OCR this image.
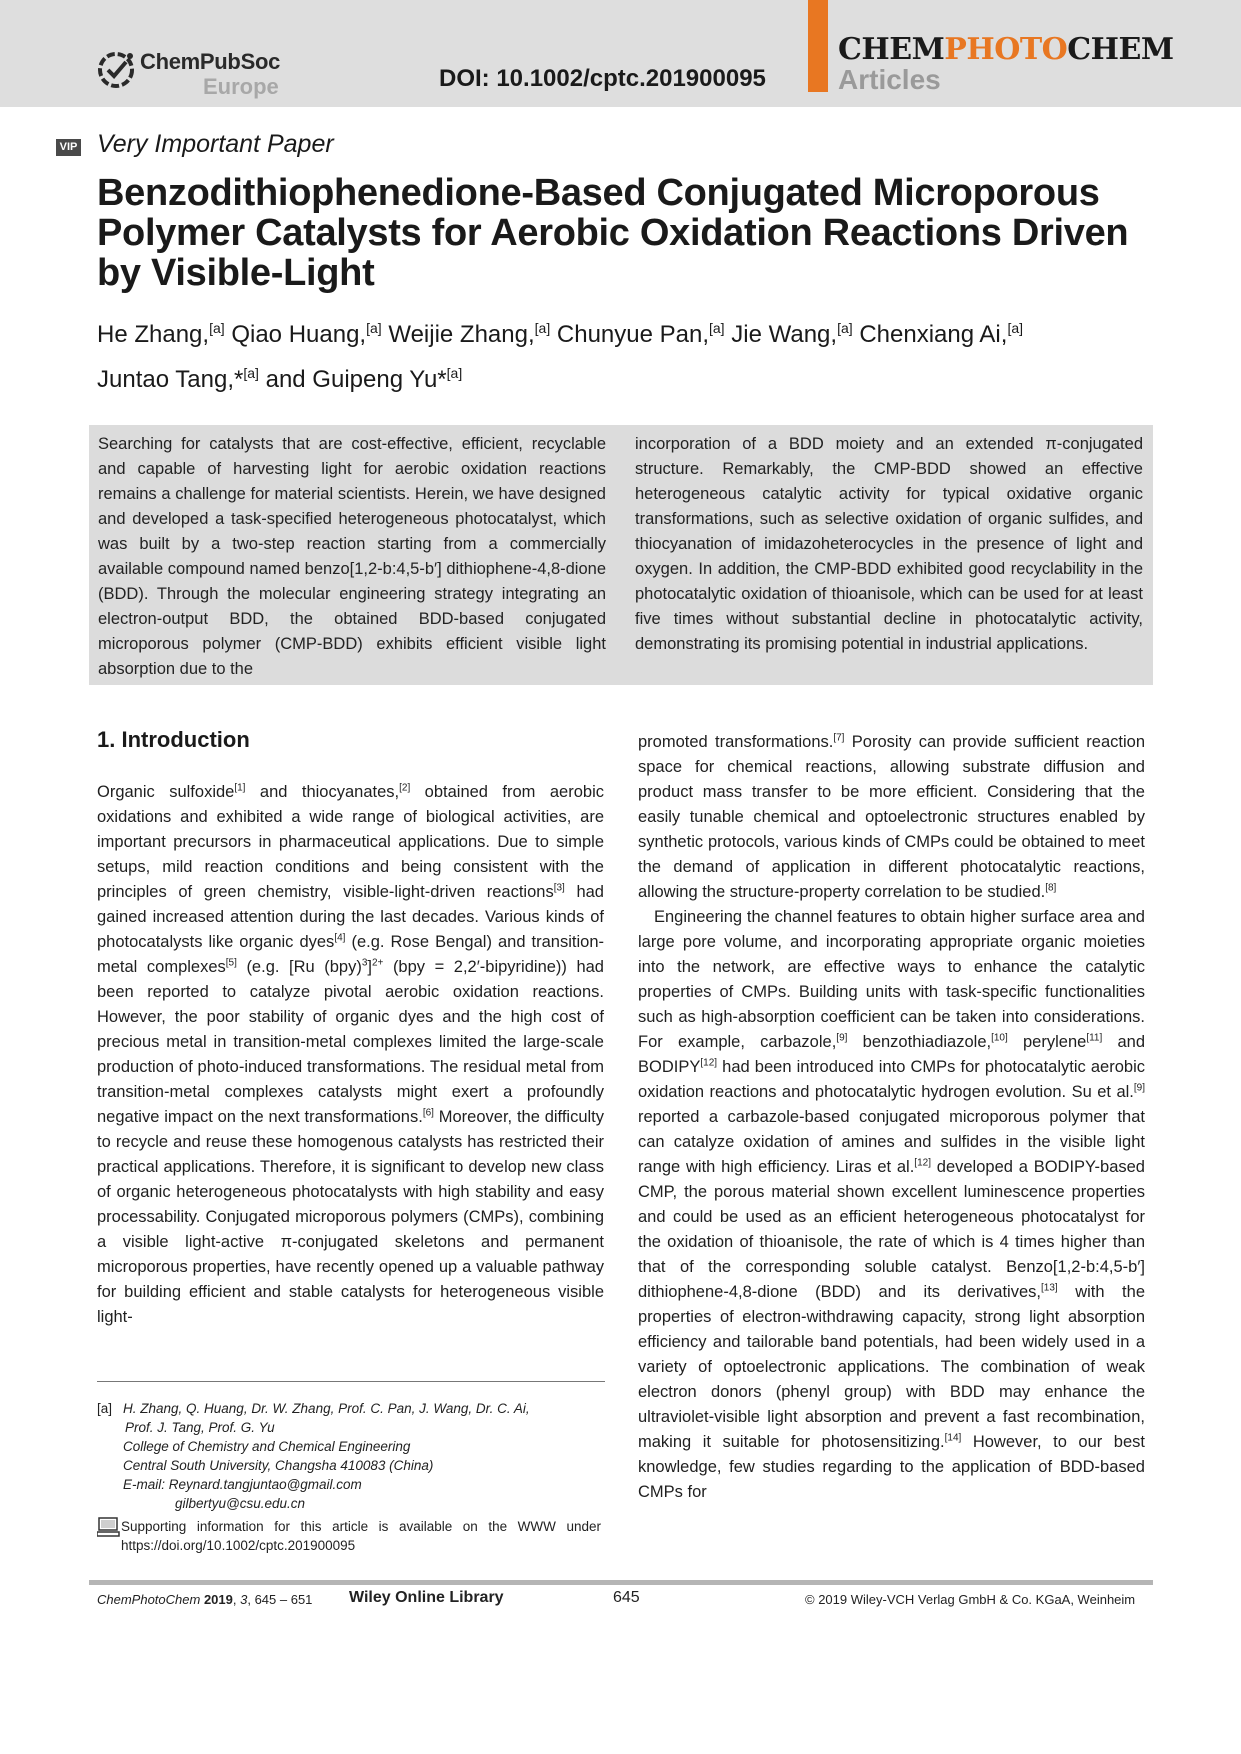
ChemPubSoc
Europe	DOI: 10.1002/cptc.201900095
CHEMPHOTOCHEM
Articles
VIP Very Important Paper
Benzodithiophenedione-Based Conjugated Microporous Polymer Catalysts for Aerobic Oxidation Reactions Driven by Visible-Light
He Zhang,[a] Qiao Huang,[a] Weijie Zhang,[a] Chunyue Pan,[a] Jie Wang,[a] Chenxiang Ai,[a]
Juntao Tang,*[a] and Guipeng Yu*[a]
Searching for catalysts that are cost-effective, efficient, recyclable and capable of harvesting light for aerobic oxidation reactions remains a challenge for material scientists. Herein, we have designed and developed a task-specified heterogeneous photocatalyst, which was built by a two-step reaction starting from a commercially available compound named benzo[1,2-b:4,5-b′] dithiophene-4,8-dione (BDD). Through the molecular engineering strategy integrating an electron-output BDD, the obtained BDD-based conjugated microporous polymer (CMP-BDD) exhibits efficient visible light absorption due to the
incorporation of a BDD moiety and an extended π-conjugated structure. Remarkably, the CMP-BDD showed an effective heterogeneous catalytic activity for typical oxidative organic transformations, such as selective oxidation of organic sulfides, and thiocyanation of imidazoheterocycles in the presence of light and oxygen. In addition, the CMP-BDD exhibited good recyclability in the photocatalytic oxidation of thioanisole, which can be used for at least five times without substantial decline in photocatalytic activity, demonstrating its promising potential in industrial applications.
1. Introduction

Organic sulfoxide[1] and thiocyanates,[2] obtained from aerobic oxidations and exhibited a wide range of biological activities, are important precursors in pharmaceutical applications. Due to simple setups, mild reaction conditions and being consistent with the principles of green chemistry, visible-light-driven reactions[3] had gained increased attention during the last decades. Various kinds of photocatalysts like organic dyes[4] (e.g. Rose Bengal) and transition-metal complexes[5] (e.g. [Ru (bpy)$^3$]$^{2+}$ (bpy = 2,2′-bipyridine)) had been reported to catalyze pivotal aerobic oxidation reactions. However, the poor stability of organic dyes and the high cost of precious metal in transition-metal complexes limited the large-scale production of photo-induced transformations. The residual metal from transition-metal complexes catalysts might exert a profoundly negative impact on the next transformations.[6] Moreover, the difficulty to recycle and reuse these homogenous catalysts has restricted their practical applications. Therefore, it is significant to develop new class of organic heterogeneous photocatalysts with high stability and easy processability. Conjugated microporous polymers (CMPs), combining a visible light-active π-conjugated skeletons and permanent microporous properties, have recently opened up a valuable pathway for building efficient and stable catalysts for heterogeneous visible light-

promoted transformations.[7] Porosity can provide sufficient reaction space for chemical reactions, allowing substrate diffusion and product mass transfer to be more efficient. Considering that the easily tunable chemical and optoelectronic structures enabled by synthetic protocols, various kinds of CMPs could be obtained to meet the demand of application in different photocatalytic reactions, allowing the structure-property correlation to be studied.[8]

Engineering the channel features to obtain higher surface area and large pore volume, and incorporating appropriate organic moieties into the network, are effective ways to enhance the catalytic properties of CMPs. Building units with task-specific functionalities such as high-absorption coefficient can be taken into considerations. For example, carbazole,[9] benzothiadiazole,[10] perylene[11] and BODIPY[12] had been introduced into CMPs for photocatalytic aerobic oxidation reactions and photocatalytic hydrogen evolution. Su et al.[9] reported a carbazole-based conjugated microporous polymer that can catalyze oxidation of amines and sulfides in the visible light range with high efficiency. Liras et al.[12] developed a BODIPY-based CMP, the porous material shown excellent luminescence properties and could be used as an efficient heterogeneous photocatalyst for the oxidation of thioanisole, the rate of which is 4 times higher than that of the corresponding soluble catalyst. Benzo[1,2-b:4,5-b′] dithiophene-4,8-dione (BDD) and its derivatives,[13] with the properties of electron-withdrawing capacity, strong light absorption efficiency and tailorable band potentials, had been widely used in a variety of optoelectronic applications. The combination of weak electron donors (phenyl group) with BDD may enhance the ultraviolet-visible light absorption and prevent a fast recombination, making it suitable for photosensitizing.[14] However, to our best knowledge, few studies regarding to the application of BDD-based CMPs for

[a] H. Zhang, Q. Huang, Dr. W. Zhang, Prof. C. Pan, J. Wang, Dr. C. Ai,
Prof. J. Tang, Prof. G. Yu
College of Chemistry and Chemical Engineering
Central South University, Changsha 410083 (China)
E-mail: Reynard.tangjuntao@gmail.com
gilbertyu@csu.edu.cn
Supporting information for this article is available on the WWW under https://doi.org/10.1002/cptc.201900095
ChemPhotoChem 2019, 3, 645 – 651 Wiley Online Library	645	© 2019 Wiley-VCH Verlag GmbH & Co. KGaA, Weinheim
